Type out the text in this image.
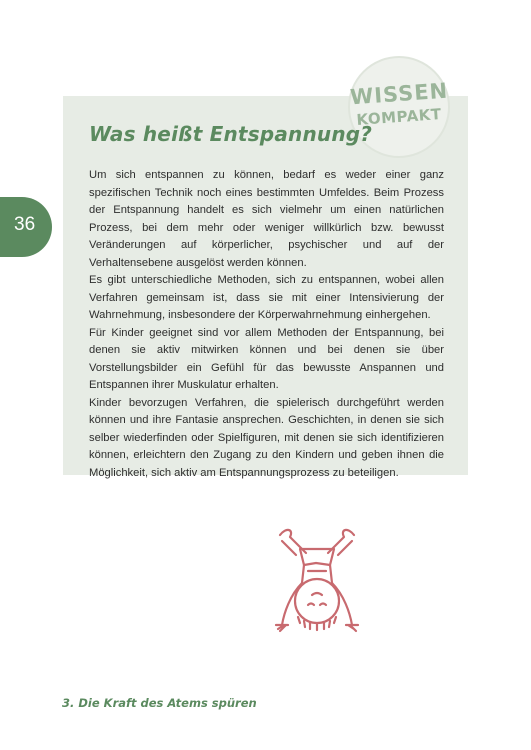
36
WISSEN
KOMPAKT
Was heißt Entspannung?

Um sich entspannen zu können, bedarf es weder einer ganz spezifischen Technik noch eines bestimmten Umfeldes. Beim Prozess der Entspannung handelt es sich vielmehr um einen natürlichen Prozess, bei dem mehr oder weniger willkürlich bzw. bewusst Veränderungen auf körperlicher, psychischer und auf der Verhaltensebene ausgelöst werden können.

Es gibt unterschiedliche Methoden, sich zu entspannen, wobei allen Verfahren gemeinsam ist, dass sie mit einer Intensivierung der Wahrnehmung, insbesondere der Körperwahrnehmung einhergehen.

Für Kinder geeignet sind vor allem Methoden der Entspannung, bei denen sie aktiv mitwirken können und bei denen sie über Vorstellungsbilder ein Gefühl für das bewusste Anspannen und Entspannen ihrer Muskulatur erhalten.

Kinder bevorzugen Verfahren, die spielerisch durchgeführt werden können und ihre Fantasie ansprechen. Geschichten, in denen sie sich selber wiederfinden oder Spielfiguren, mit denen sie sich identifizieren können, erleichtern den Zugang zu den Kindern und geben ihnen die Möglichkeit, sich aktiv am Entspannungsprozess zu beteiligen.

3. Die Kraft des Atems spüren
